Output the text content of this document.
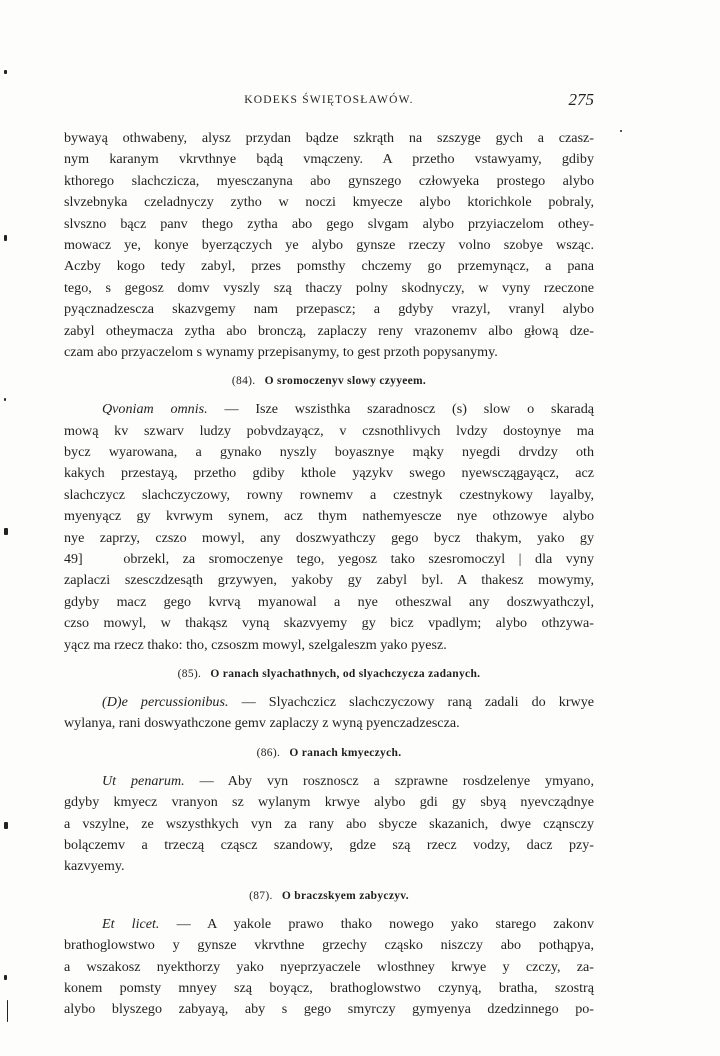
KODEKS ŚWIĘTOSŁAWÓW.	275
bywayą othwabeny, alysz przydan bądze szkrąth na szszyge gych a czasz-
nym karanym vkrvthnye bądą vmączeny. A przetho vstawyamy, gdiby
kthorego slachczicza, myesczanyna abo gynszego człowyeka prostego alybo
slvzebnyka czeladnyczy zytho w noczi kmyecze alybo ktorichkole pobraly,
slvszno bącz panv thego zytha abo gego slvgam alybo przyiaczelom othey-
mowacz ye, konye byerzączych ye alybo gynsze rzeczy volno szobye wsząc.
Aczby kogo tedy zabyl, przes pomsthy chczemy go przemynącz, a pana
tego, s gegosz domv vyszly szą thaczy polny skodnyczy, w vyny rzeczone
pyącznadzescza skazvgemy nam przepascz; a gdyby vrazyl, vranyl alybo
zabyl otheymacza zytha abo bronczą, zaplaczy reny vrazonemv albo głową dze-
czam abo przyaczelom s wynamy przepisanymy, to gest przoth popysanymy.
(84). O sromoczenyv slowy czyyeem.
Qvoniam omnis. — Isze wszisthka szaradnoscz (s) slow o skaradą
mową kv szwarv ludzy pobvdzayącz, v czsnothlivych lvdzy dostoynye ma
bycz wyarowana, a gynako nyszly boyasznye mąky nyegdi drvdzy oth
kakych przestayą, przetho gdiby kthole yązykv swego nyewsczągayącz, acz
slachczycz slachczyczowy, rowny rownemv a czestnyk czestnykowy layalby,
myenyącz gy kvrwym synem, acz thym nathemyescze nye othzowye alybo
nye zaprzy, czszo mowyl, any doszwyathczy gego bycz thakym, yako gy
49]	obrzekl, za sromoczenye tego, yegosz tako szesromoczyl | dla vyny
zaplaczi szesczdzesąth grzywyen, yakoby gy zabyl byl. A thakesz mowymy,
gdyby macz gego kvrvą myanowal a nye otheszwal any doszwyathczyl,
czso mowyl, w thakąsz vyną skazvyemy gy bicz vpadlym; alybo othzywa-
yącz ma rzecz thako: tho, czsoszm mowyl, szelgaleszm yako pyesz.
(85). O ranach slyachathnych, od slyachczycza zadanych.
(D)e percussionibus. — Slyachczicz slachczyczowy raną zadali do krwye
wylanya, rani doswyathczone gemv zaplaczy z wyną pyenczadzescza.
(86). O ranach kmyeczych.
Ut penarum. — Aby vyn rosznoscz a szprawne rosdzelenye ymyano,
gdyby kmyecz vranyon sz wylanym krwye alybo gdi gy sbyą nyevcządnye
a vszylne, ze wszysthkych vyn za rany abo sbycze skazanich, dwye cząnsczy
bolączemv a trzeczą cząscz szandowy, gdze szą rzecz vodzy, dacz pzy-
kazvyemy.
(87). O braczskyem zabyczyv.
Et licet. — A yakole prawo thako nowego yako starego zakonv
brathoglowstwo y gynsze vkrvthne grzechy cząsko niszczy abo pothąpya,
a wszakosz nyekthorzy yako nyeprzyaczele wlosthney krwye y czczy, za-
konem pomsty mnyey szą boyącz, brathoglowstwo czynyą, bratha, szostrą
alybo blyszego zabyayą, aby s gego smyrczy gymyenya dzedzinnego po-
